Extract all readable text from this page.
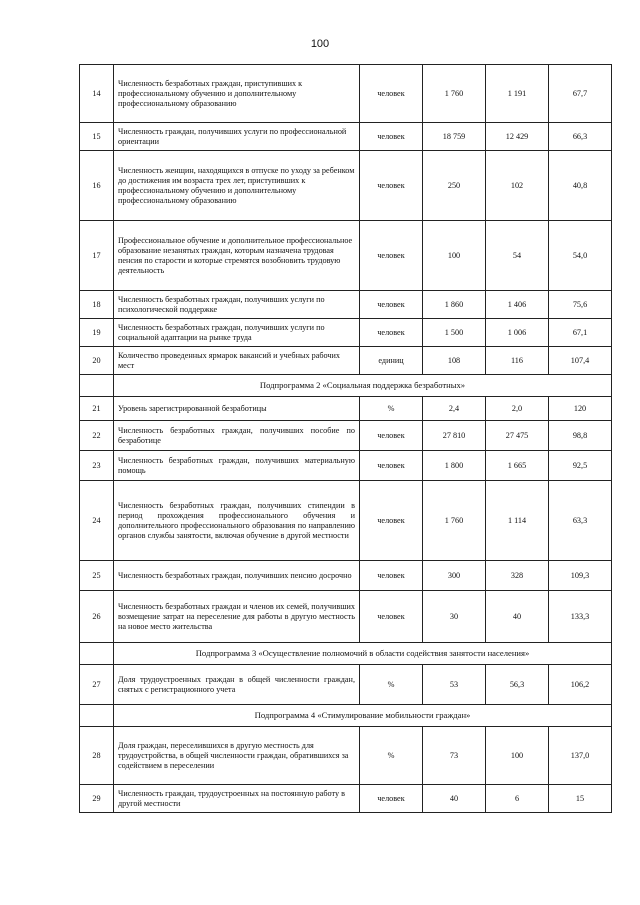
100
14	Численность безработных граждан, приступивших к профессиональному обучению и дополнительному профессиональному образованию	человек	1 760	1 191	67,7
15	Численность граждан, получивших услуги по профессиональной ориентации	человек	18 759	12 429	66,3
16	Численность женщин, находящихся в отпуске по уходу за ребенком до достижения им возраста трех лет, приступивших к профессиональному обучению и дополнительному профессиональному образованию	человек	250	102	40,8
17	Профессиональное обучение и дополнительное профессиональное образование незанятых граждан, которым назначена трудовая пенсия по старости и которые стремятся возобновить трудовую деятельность	человек	100	54	54,0
18	Численность безработных граждан, получивших услуги по психологической поддержке	человек	1 860	1 406	75,6
19	Численность безработных граждан, получивших услуги по социальной адаптации на рынке труда	человек	1 500	1 006	67,1
20	Количество проведенных ярмарок вакансий и учебных рабочих мест	единиц	108	116	107,4
	Подпрограмма 2 «Социальная поддержка безработных»				
21	Уровень зарегистрированной безработицы	%	2,4	2,0	120
22	Численность безработных граждан, получивших пособие по безработице	человек	27 810	27 475	98,8
23	Численность безработных граждан, получивших материальную помощь	человек	1 800	1 665	92,5
24	Численность безработных граждан, получивших стипендии в период прохождения профессионального обучения и дополнительного профессионального образования по направлению органов службы занятости, включая обучение в другой местности	человек	1 760	1 114	63,3
25	Численность безработных граждан, получивших пенсию досрочно	человек	300	328	109,3
26	Численность безработных граждан и членов их семей, получивших возмещение затрат на переселение для работы в другую местность на новое место жительства	человек	30	40	133,3
	Подпрограмма 3 «Осуществление полномочий в области содействия занятости населения»				
27	Доля трудоустроенных граждан в общей численности граждан, снятых с регистрационного учета	%	53	56,3	106,2
	Подпрограмма 4 «Стимулирование мобильности граждан»				
28	Доля граждан, переселившихся в другую местность для трудоустройства, в общей численности граждан, обратившихся за содействием в переселении	%	73	100	137,0
29	Численность граждан, трудоустроенных на постоянную работу в другой местности	человек	40	6	15
